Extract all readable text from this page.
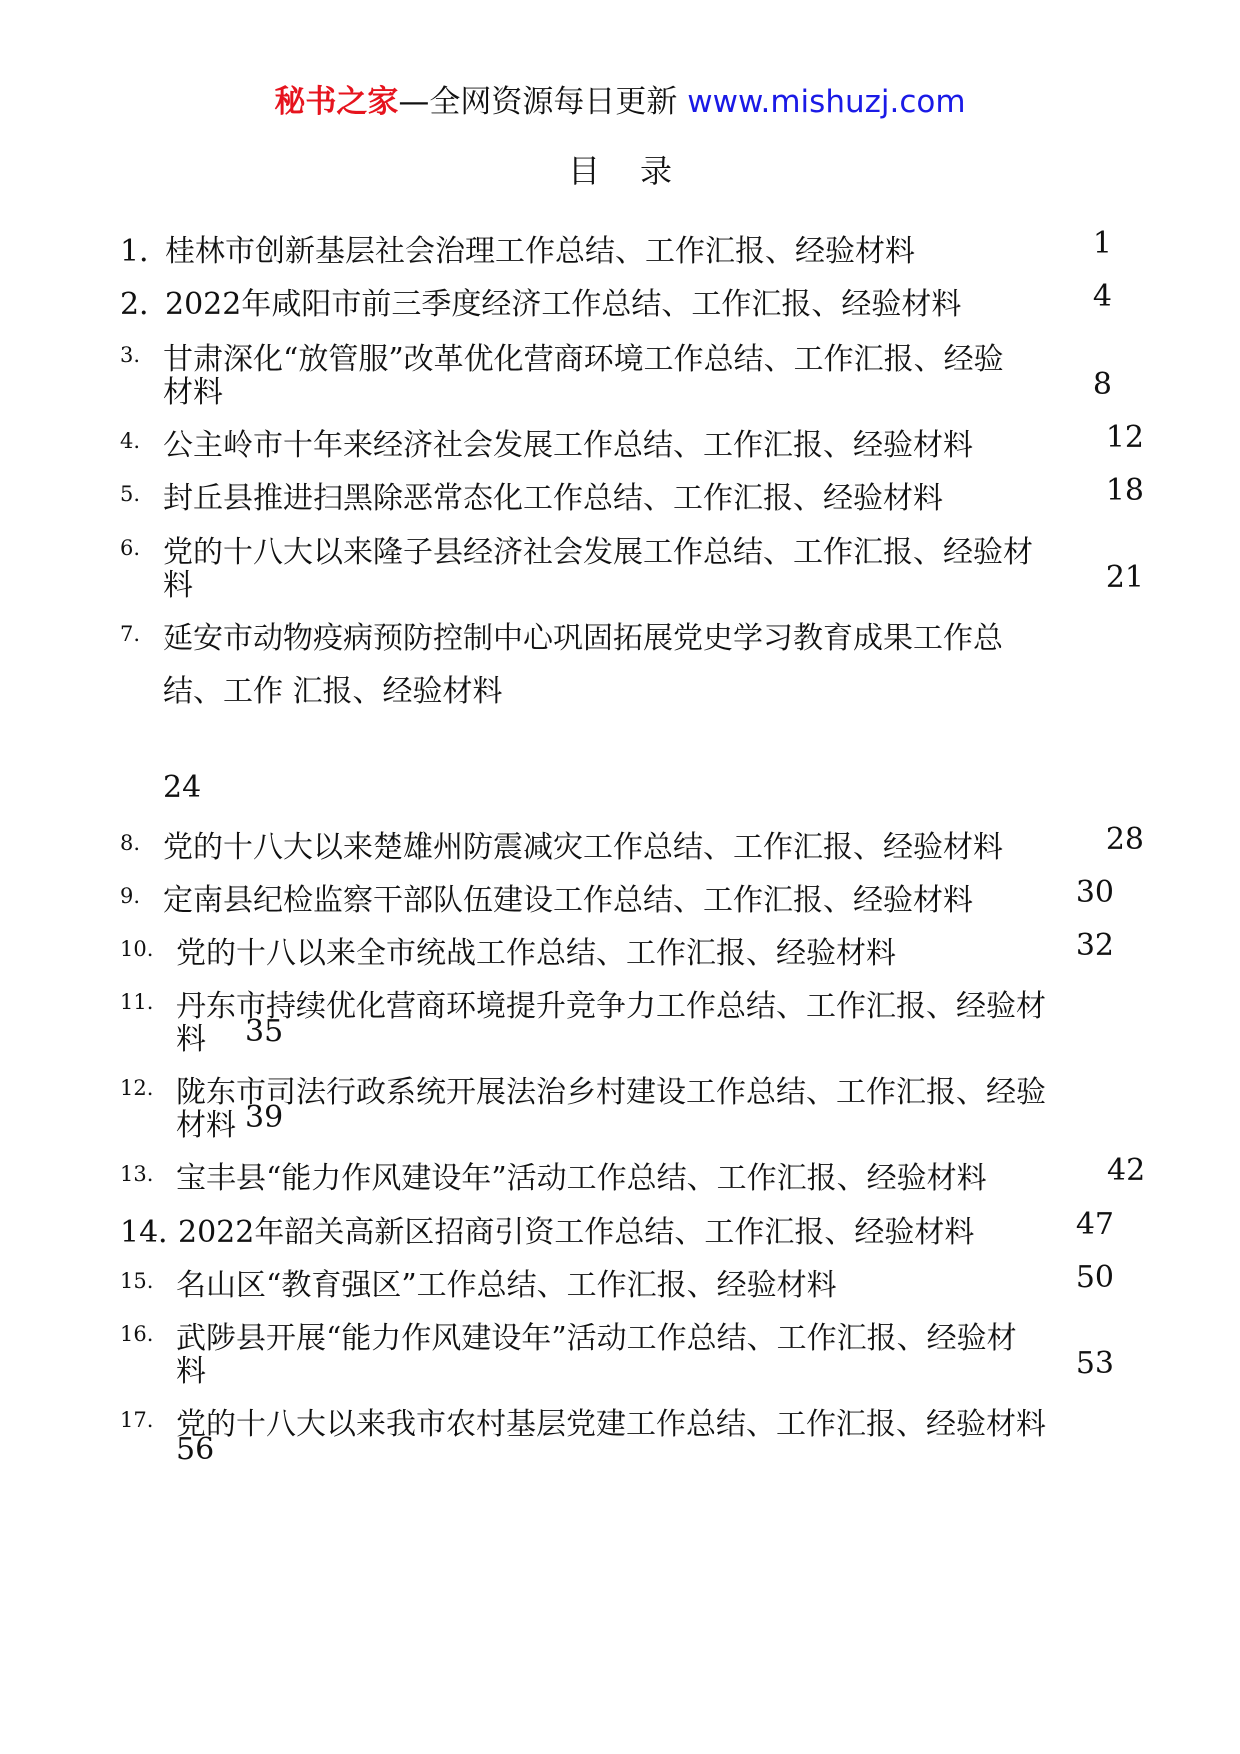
秘书之家—全网资源每日更新 www.mishuzj.com
目录
1．
桂林市创新基层社会治理工作总结、工作汇报、经验材料	1
2．
2022年咸阳市前三季度经济工作总结、工作汇报、经验材料	4
3. 甘肃深化“放管服”改革优化营商环境工作总结、工作汇报、经验
材料	8
4. 公主岭市十年来经济社会发展工作总结、工作汇报、经验材料	12
5. 封丘县推进扫黑除恶常态化工作总结、工作汇报、经验材料	18
6. 党的十八大以来隆子县经济社会发展工作总结、工作汇报、经验材
料	21
7. 延安市动物疫病预防控制中心巩固拓展党史学习教育成果工作总
结、工作 汇报、经验材料
24
8. 党的十八大以来楚雄州防震减灾工作总结、工作汇报、经验材料	28
9. 定南县纪检监察干部队伍建设工作总结、工作汇报、经验材料	30
10. 党的十八以来全市统战工作总结、工作汇报、经验材料	32
11. 丹东市持续优化营商环境提升竞争力工作总结、工作汇报、经验材
料 35
12. 陇东市司法行政系统开展法治乡村建设工作总结、工作汇报、经验
材料 39
13. 宝丰县“能力作风建设年”活动工作总结、工作汇报、经验材料	42
14．
2022年韶关高新区招商引资工作总结、工作汇报、经验材料	47
15. 名山区“教育强区”工作总结、工作汇报、经验材料	50
16. 武陟县开展“能力作风建设年”活动工作总结、工作汇报、经验材
料	53
17. 党的十八大以来我市农村基层党建工作总结、工作汇报、经验材料
56
